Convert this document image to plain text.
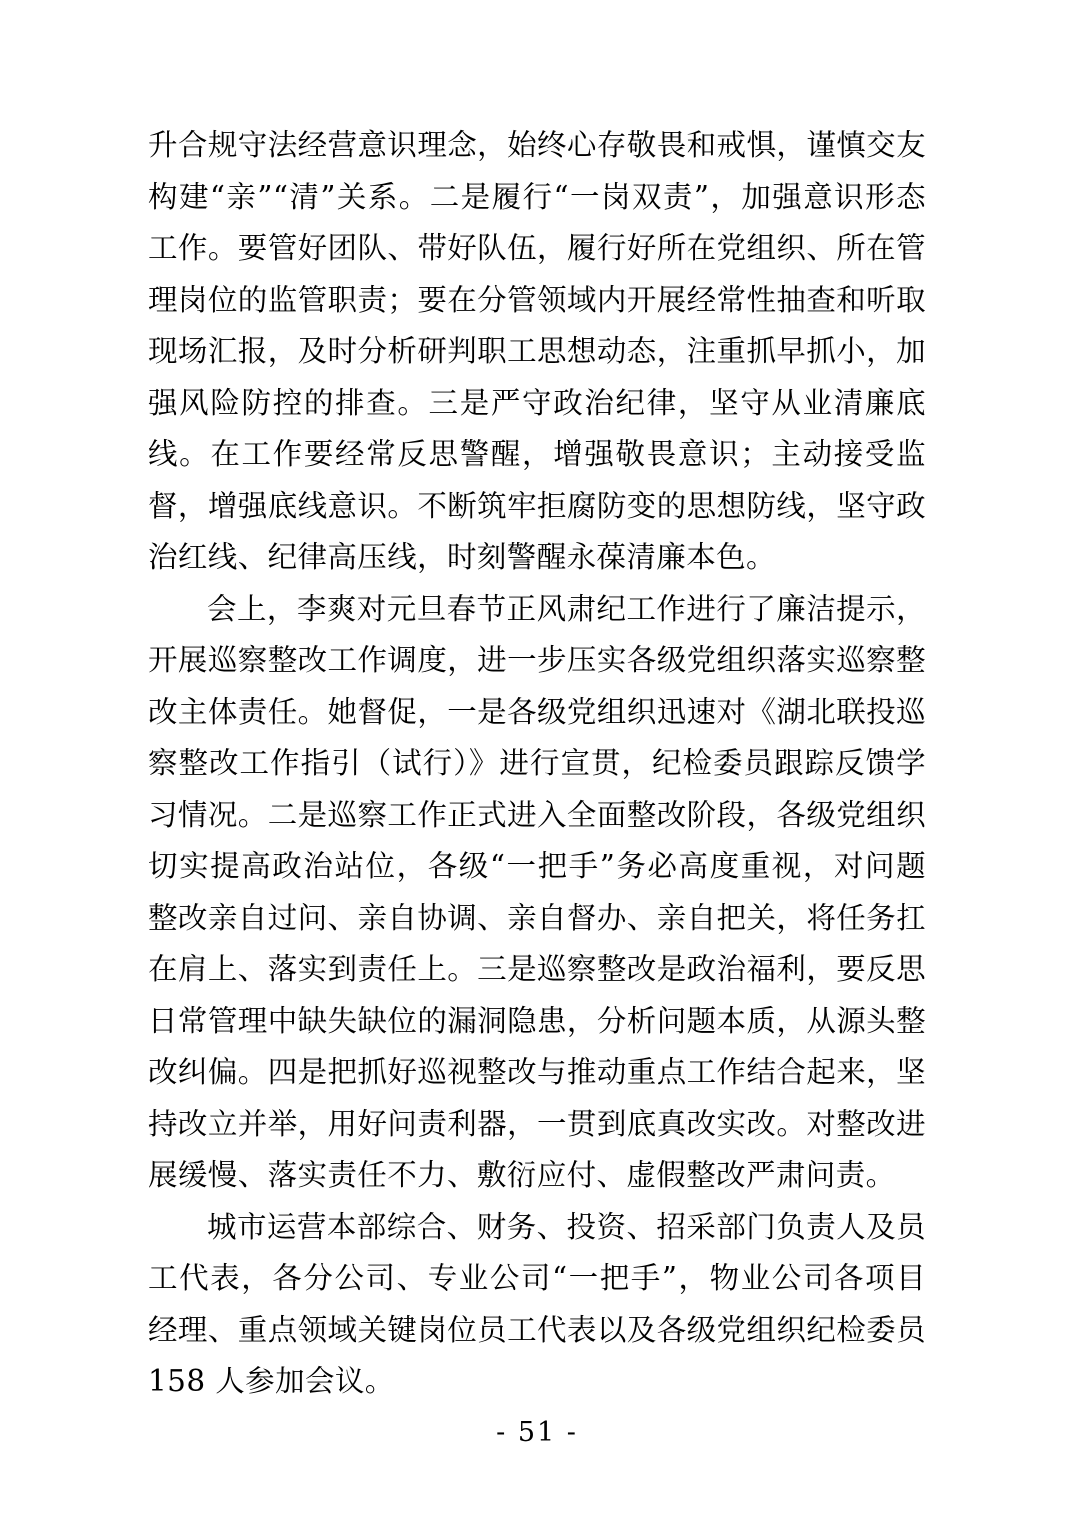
升合规守法经营意识理念，始终心存敬畏和戒惧，谨慎交友构建“亲”“清”关系。二是履行“一岗双责”，加强意识形态工作。要管好团队、带好队伍，履行好所在党组织、所在管理岗位的监管职责；要在分管领域内开展经常性抽查和听取现场汇报，及时分析研判职工思想动态，注重抓早抓小，加强风险防控的排查。三是严守政治纪律，坚守从业清廉底线。在工作要经常反思警醒，增强敬畏意识；主动接受监督，增强底线意识。不断筑牢拒腐防变的思想防线，坚守政治红线、纪律高压线，时刻警醒永葆清廉本色。

会上，李爽对元旦春节正风肃纪工作进行了廉洁提示，开展巡察整改工作调度，进一步压实各级党组织落实巡察整改主体责任。她督促，一是各级党组织迅速对《湖北联投巡察整改工作指引（试行）》进行宣贯，纪检委员跟踪反馈学习情况。二是巡察工作正式进入全面整改阶段，各级党组织切实提高政治站位，各级“一把手”务必高度重视，对问题整改亲自过问、亲自协调、亲自督办、亲自把关，将任务扛在肩上、落实到责任上。三是巡察整改是政治福利，要反思日常管理中缺失缺位的漏洞隐患，分析问题本质，从源头整改纠偏。四是把抓好巡视整改与推动重点工作结合起来，坚持改立并举，用好问责利器，一贯到底真改实改。对整改进展缓慢、落实责任不力、敷衍应付、虚假整改严肃问责。

城市运营本部综合、财务、投资、招采部门负责人及员工代表，各分公司、专业公司“一把手”，物业公司各项目经理、重点领域关键岗位员工代表以及各级党组织纪检委员 158 人参加会议。

- 51 -
